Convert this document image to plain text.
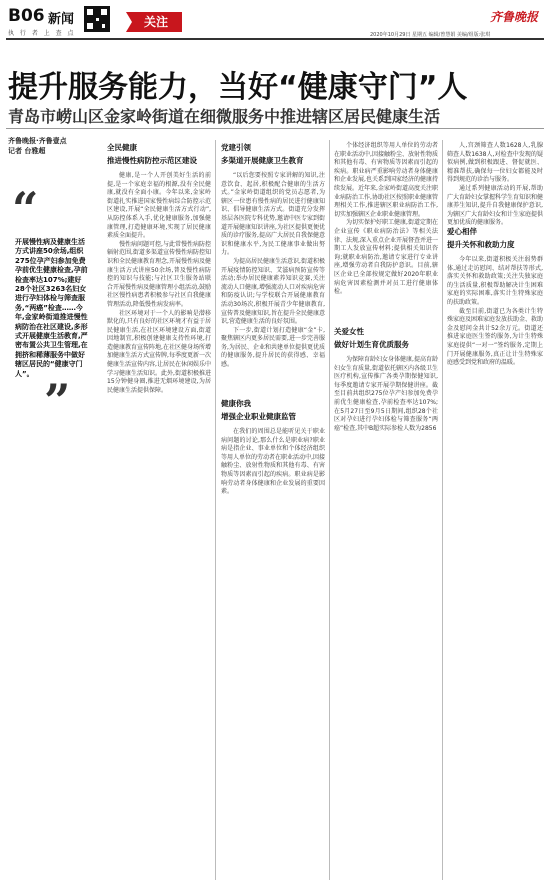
B06 新闻
执 行 者 上 查 点
关注	齐鲁晚报
2020年10月29日 星期五 编辑/曾慧娟 美编/组版:张琪
提升服务能力，当好“健康守门”人
青岛市崂山区金家岭街道在细微服务中推进辖区居民健康生活
齐鲁晚报·齐鲁壹点
记者 台雅超
“
开展慢性病及健康生活方式讲座50余场,组织275位孕产妇参加免费孕前优生健康检查,孕前检查率达107%;建好28个社区3263名妇女进行孕妇体检与筛查服务,“两癌”检查……今年,金家岭街道推进慢性病防治在社区建设,多形式开展健康生活教育,严密布置公共卫生管理,在拥挤和稀薄服务中做好辖区居民的“健康守门人”。
”
全民健康
推进慢性病防控示范区建设

健康,是一个人开创美好生活的前提,是一个家庭幸福的根源,没有全民健康,就没有全面小康。今年以来,金家岭街道扎实推进国家慢性病综合防控示范区建设,开展“全民健康生活方式行动”,从防控体系入手,优化健康服务,加强健康管理,打造健康环境,实现了居民健康素质全面提升。

慢性病问题可控,与此常慢性病防控辐射范围,街道多渠道宣传慢性病防控知识和全民健康教育理念,开展慢性病及健康生活方式讲座50余场,普及慢性病防控的知识与技能;与社区卫生服务站联合开展慢性病及健康管理小组活动,鼓励社区慢性病患者积极参与社区自我健康管理活动,降低慢性病发病率。

社区环境对于一个人的影响是潜移默化的,只有良好的社区环境才有益于居民健康生活,在社区环境建设方面,街道因地制宜,积极创建健康支持性环境,打造健康教育宣传阵地,在社区健身场所增加健康生活方式宣传牌,每季度更新一次健康生活宣传内容,让居民在休闲娱乐中学习健康生活知识。此外,街道积极推进15分钟健身圈,推进无烟环境建设,为居民健康生活提供保障。

党建引领
多渠道开展健康卫生教育

“以后您要按照专家讲解的知识,注意饮食、起居,积极配合健康的生活方式。”金家岭街道组织的党员志愿者,为辖区一位患有慢性病的居民进行健康知识、倡导健康生活方式。街道充分发挥基层各医院专科优势,邀请中医专家到街道开展健康知识讲座,为社区提供更便优质的诊疗服务,提高广大居民自我保健意识和健康水平,为民工健康事业做出努力。

为提高居民健康生活意识,街道积极开展疫情防控知识、艾滋病预防宣传等活动;举办居民健康素养知识竞赛,关注流动人口健康,增强流动人口对疾病危害和防疫认识;与学校联合开展健康教育活动30场次,积极开展青少年健康教育,宣传普及健康知识,旨在提升全民健康意识,营造健康生活的良好氛围。

下一步,街道计划打造健康“金”卡,聚焦辖区内更多居民需要,进一步完善服务,为居民、企业和共建单位提供更优质的健康服务,提升居民的获得感、幸福感。

健康你我
增强企业职业健康监管

在我们的周围总是能听见关于职业病问题的讨论,那么什么是职业病?职业病是指企业、事业单位和个体经济组织等用人单位的劳动者在职业活动中,因接触粉尘、放射性物质和其他有毒、有害物质等因素而引起的疾病。职业病是影响劳动者身体健康和企业发展的重要因素。

个体经济组织等用人单位的劳动者在职业活动中,因接触粉尘、放射性物质和其他有毒、有害物质等因素而引起的疾病。职业病严重影响劳动者身体健康和企业发展,也关系到国家经济的健康持续发展。近年来,金家岭街道高度关注职业病防治工作,协助社区按照职业健康管理相关工作,推进辖区职业病防治工作,切实加强辖区企业职业健康管理。

为切实保护好职工健康,街道定期在企业宣传《职业病防治法》等相关法律、法规,深入重点企业开展督查并进一期工人发放宣传材料;提供相关知识咨询;就职业病防治,邀请专家进行专业讲座,增强劳动者自我防护意识。目前,辖区企业已全部按规定做好2020年职业病危害因素检测并对员工进行健康体检。

关爱女性
做好计划生育优质服务

为保障育龄妇女身体健康,提高育龄妇女生育质量,街道依托辖区内各级卫生医疗机构,宣传推广各类孕期保健知识,每季度邀请专家开展孕期保健讲座。截至目前共组织275位孕产妇参加免费孕前优生健康检查,孕前检查率达107%;在5月27日至9月5日期间,组织28个社区对孕妇进行孕妇体检与筛查服务“两癌”检查,其中B超实际参检人数为2856

人,宫颈筛查人数1628人,乳腺筛查人数1638人,对检查中发现的疑似病例,做到积极跟进、督促就医、精准帮扶,确保每一位妇女都能及时得到规范的诊治与服务。

通过系列健康活动的开展,帮助广大育龄妇女掌握科学生育知识和健康养生知识,提升自我健康保护意识,为辖区广大育龄妇女和计生家庭提供更加优质的健康服务。

爱心相伴
提升关怀和救助力度

今年以来,街道积极关注弱势群体,通过走访慰问、结对帮扶等形式,落实关怀和救助政策;关注失独家庭的生活质量,积极帮助解决计生困难家庭的实际困难,落实计生特殊家庭的扶助政策。

截至目前,街道已为各类计生特殊家庭及困难家庭发放扶助金、救助金及慰问金共计52余万元。街道还推进家庭医生签约服务,为计生特殊家庭提供“一对一”签约服务,定期上门开展健康服务,真正让计生特殊家庭感受到党和政府的温暖。
